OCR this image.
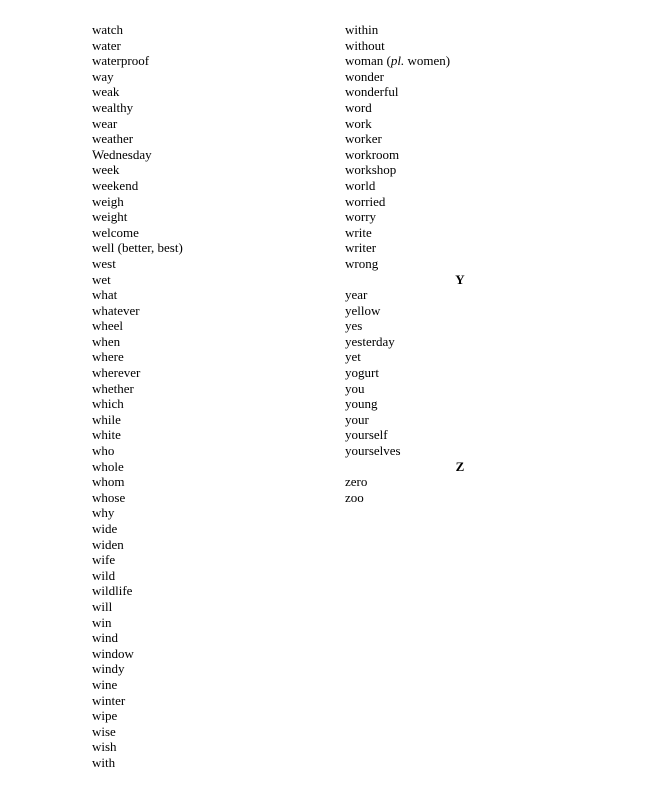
watch
water
waterproof
way
weak
wealthy
wear
weather
Wednesday
week
weekend
weigh
weight
welcome
well (better, best)
west
wet
what
whatever
wheel
when
where
wherever
whether
which
while
white
who
whole
whom
whose
why
wide
widen
wife
wild
wildlife
will
win
wind
window
windy
wine
winter
wipe
wise
wish
with
within
without
woman (pl. women)
wonder
wonderful
word
work
worker
workroom
workshop
world
worried
worry
write
writer
wrong
Y
year
yellow
yes
yesterday
yet
yogurt
you
young
your
yourself
yourselves
Z
zero
zoo
